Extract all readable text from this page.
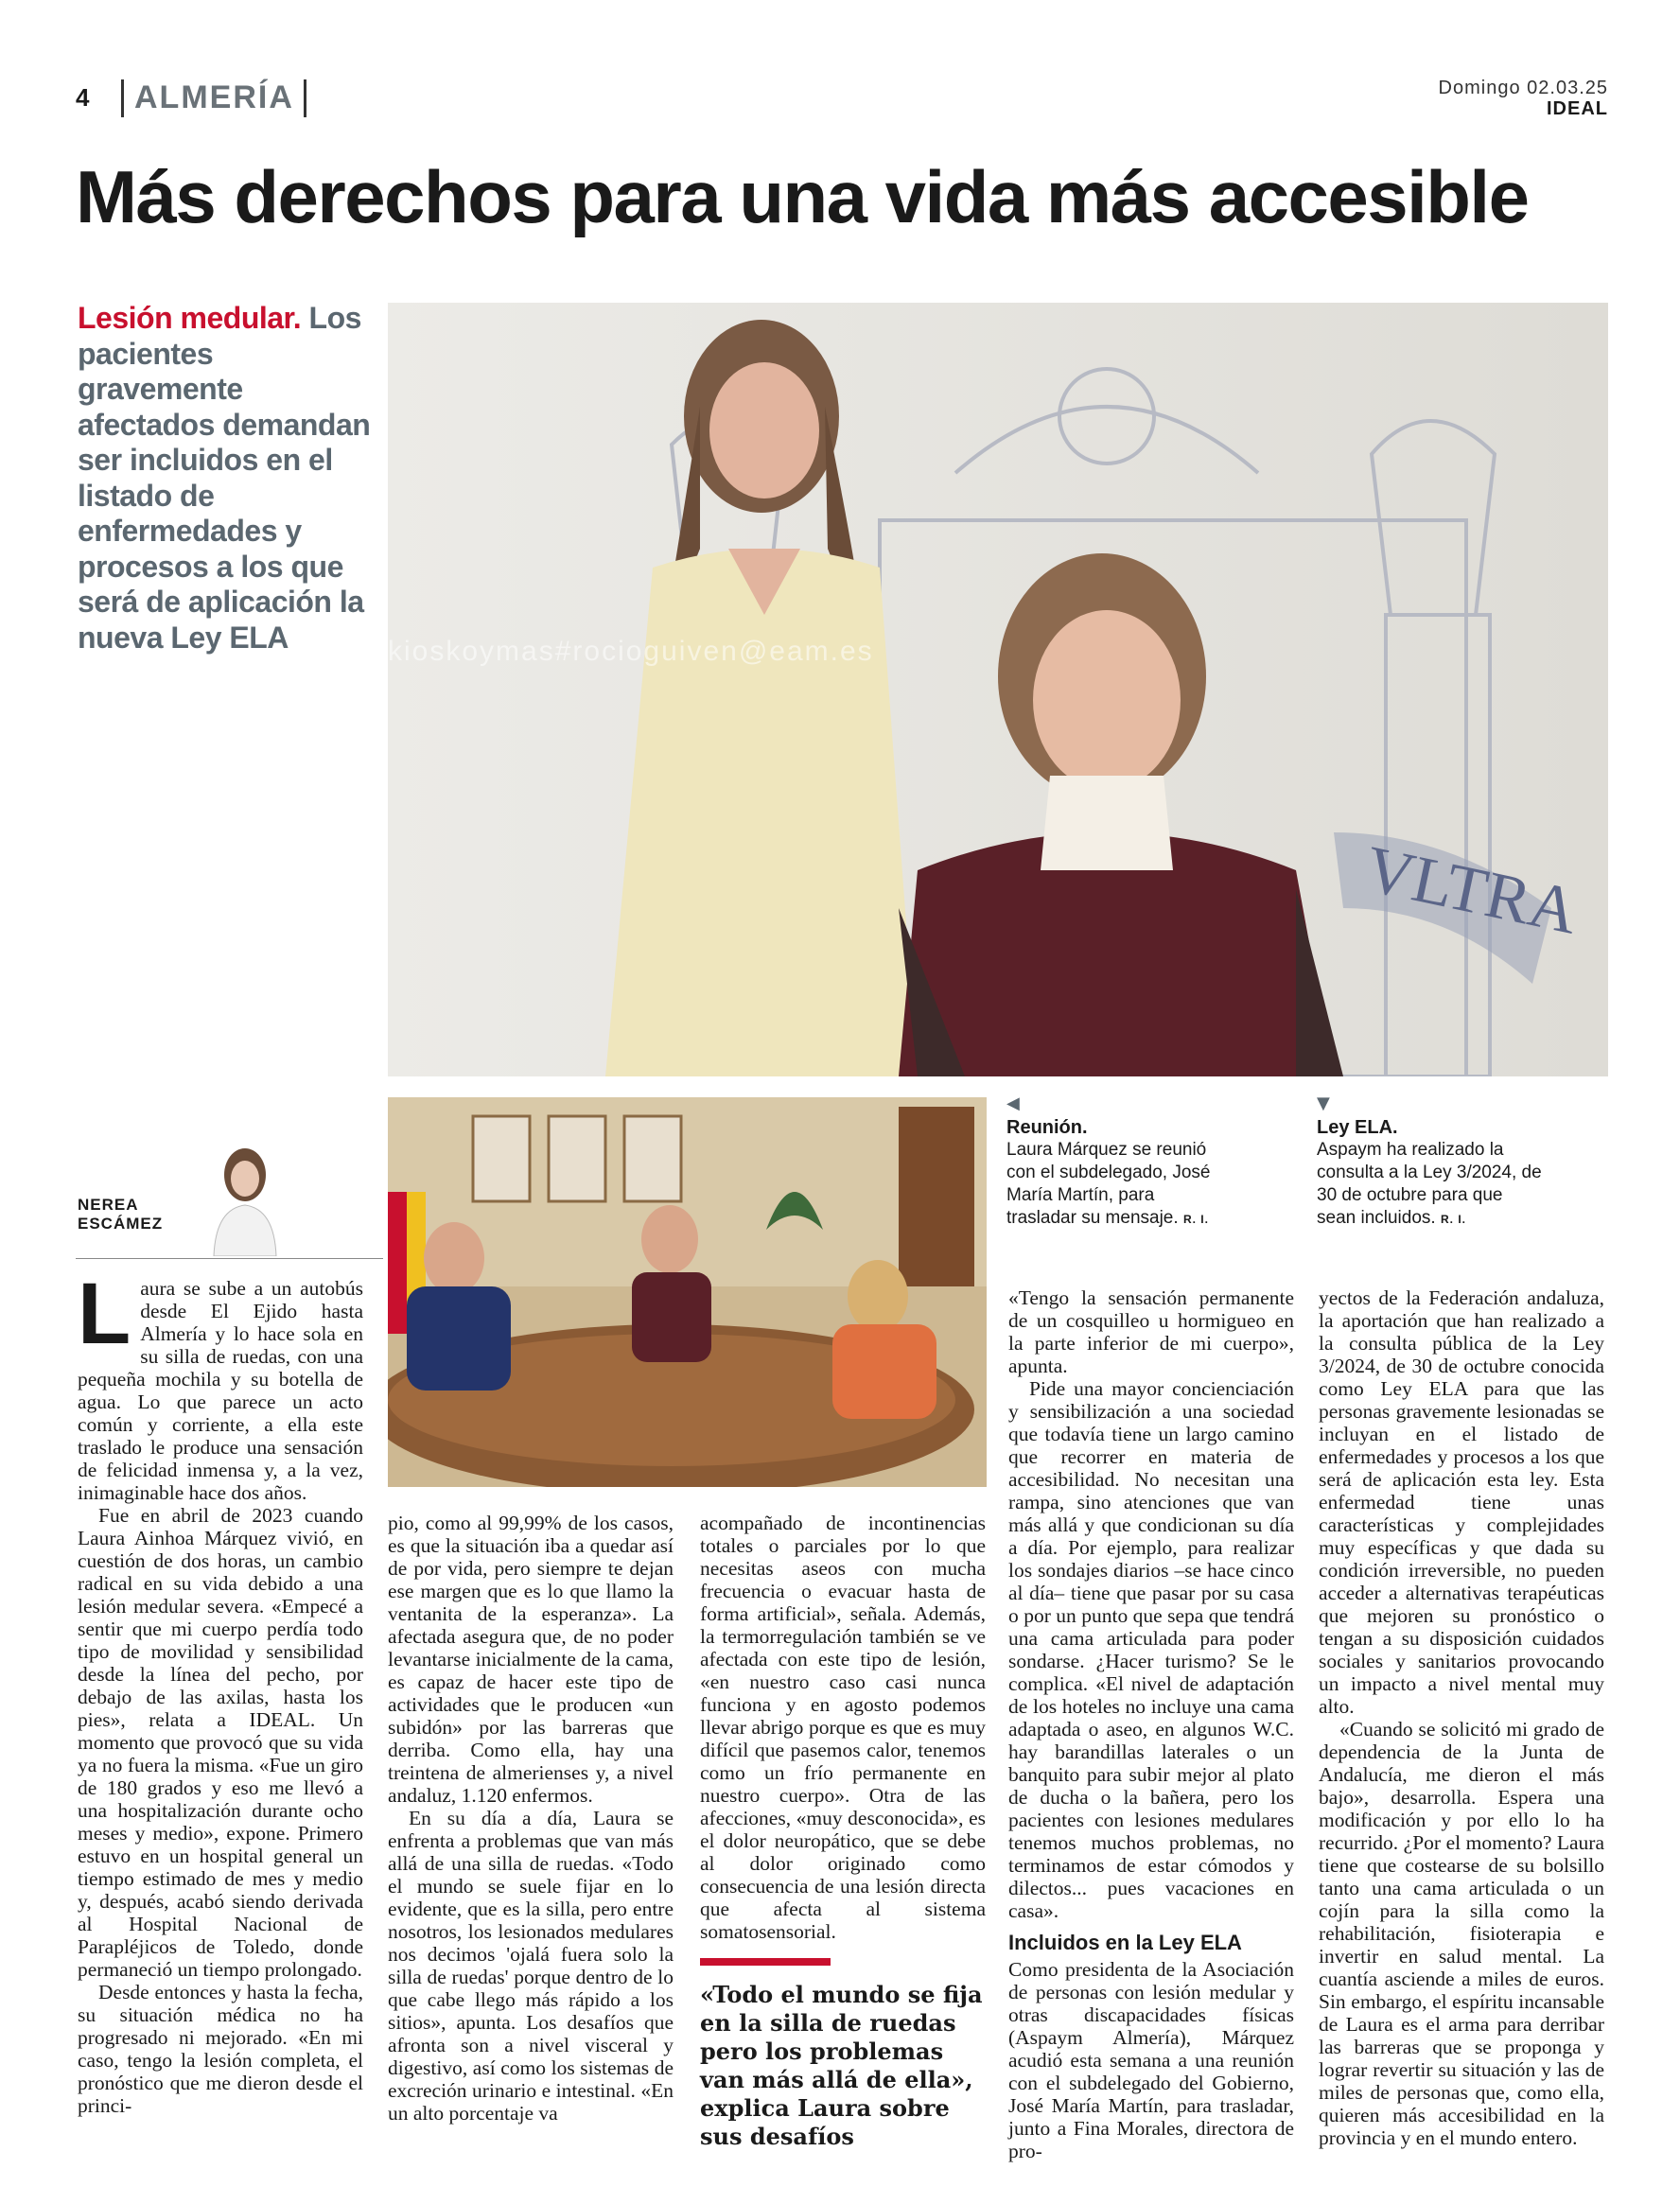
4 ALMERÍA	Domingo 02.03.25
IDEAL
Más derechos para una vida más accesible
Lesión medular. Los pacientes gravemente afectados demandan ser incluidos en el listado de enfermedades y procesos a los que será de aplicación la nueva Ley ELA
VLTRA
kioskoymas#rocioguiven@eam.es
◀
Reunión.
Laura Márquez se reunió con el subdelegado, José María Martín, para trasladar su mensaje. R. I.
▼
Ley ELA.
Aspaym ha realizado la consulta a la Ley 3/2024, de 30 de octubre para que sean incluidos. R. I.
NEREA
ESCÁMEZ

Laura se sube a un autobús desde El Ejido hasta Almería y lo hace sola en su silla de ruedas, con una pequeña mochila y su botella de agua. Lo que parece un acto común y corriente, a ella este traslado le produce una sensación de felicidad inmensa y, a la vez, inimaginable hace dos años.

Fue en abril de 2023 cuando Laura Ainhoa Márquez vivió, en cuestión de dos horas, un cambio radical en su vida debido a una lesión medular severa. «Empecé a sentir que mi cuerpo perdía todo tipo de movilidad y sensibilidad desde la línea del pecho, por debajo de las axilas, hasta los pies», relata a IDEAL. Un momento que provocó que su vida ya no fuera la misma. «Fue un giro de 180 grados y eso me llevó a una hospitalización durante ocho meses y medio», expone. Primero estuvo en un hospital general un tiempo estimado de mes y medio y, después, acabó siendo derivada al Hospital Nacional de Parapléjicos de Toledo, donde permaneció un tiempo prolongado.

Desde entonces y hasta la fecha, su situación médica no ha progresado ni mejorado. «En mi caso, tengo la lesión completa, el pronóstico que me dieron desde el princi-

pio, como al 99,99% de los casos, es que la situación iba a quedar así de por vida, pero siempre te dejan ese margen que es lo que llamo la ventanita de la esperanza». La afectada asegura que, de no poder levantarse inicialmente de la cama, es capaz de hacer este tipo de actividades que le producen «un subidón» por las barreras que derriba. Como ella, hay una treintena de almerienses y, a nivel andaluz, 1.120 enfermos.

En su día a día, Laura se enfrenta a problemas que van más allá de una silla de ruedas. «Todo el mundo se suele fijar en lo evidente, que es la silla, pero entre nosotros, los lesionados medulares nos decimos 'ojalá fuera solo la silla de ruedas' porque dentro de lo que cabe llego más rápido a los sitios», apunta. Los desafíos que afronta son a nivel visceral y digestivo, así como los sistemas de excreción urinario e intestinal. «En un alto porcentaje va

acompañado de incontinencias totales o parciales por lo que necesitas aseos con mucha frecuencia o evacuar hasta de forma artificial», señala. Además, la termorregulación también se ve afectada con este tipo de lesión, «en nuestro caso casi nunca funciona y en agosto podemos llevar abrigo porque es que es muy difícil que pasemos calor, tenemos como un frío permanente en nuestro cuerpo». Otra de las afecciones, «muy desconocida», es el dolor neuropático, que se debe al dolor originado como consecuencia de una lesión directa que afecta al sistema somatosensorial.

«Todo el mundo se fija en la silla de ruedas pero los problemas van más allá de ella», explica Laura sobre sus desafíos

«Tengo la sensación permanente de un cosquilleo u hormigueo en la parte inferior de mi cuerpo», apunta.

Pide una mayor concienciación y sensibilización a una sociedad que todavía tiene un largo camino que recorrer en materia de accesibilidad. No necesitan una rampa, sino atenciones que van más allá y que condicionan su día a día. Por ejemplo, para realizar los sondajes diarios –se hace cinco al día– tiene que pasar por su casa o por un punto que sepa que tendrá una cama articulada para poder sondarse. ¿Hacer turismo? Se le complica. «El nivel de adaptación de los hoteles no incluye una cama adaptada o aseo, en algunos W.C. hay barandillas laterales o un banquito para subir mejor al plato de ducha o la bañera, pero los pacientes con lesiones medulares tenemos muchos problemas, no terminamos de estar cómodos y dilectos... pues vacaciones en casa».

Incluidos en la Ley ELA

Como presidenta de la Asociación de personas con lesión medular y otras discapacidades físicas (Aspaym Almería), Márquez acudió esta semana a una reunión con el subdelegado del Gobierno, José María Martín, para trasladar, junto a Fina Morales, directora de pro-

yectos de la Federación andaluza, la aportación que han realizado a la consulta pública de la Ley 3/2024, de 30 de octubre conocida como Ley ELA para que las personas gravemente lesionadas se incluyan en el listado de enfermedades y procesos a los que será de aplicación esta ley. Esta enfermedad tiene unas características y complejidades muy específicas y que dada su condición irreversible, no pueden acceder a alternativas terapéuticas que mejoren su pronóstico o tengan a su disposición cuidados sociales y sanitarios provocando un impacto a nivel mental muy alto.

«Cuando se solicitó mi grado de dependencia de la Junta de Andalucía, me dieron el más bajo», desarrolla. Espera una modificación y por ello lo ha recurrido. ¿Por el momento? Laura tiene que costearse de su bolsillo tanto una cama articulada o un cojín para la silla como la rehabilitación, fisioterapia e invertir en salud mental. La cuantía asciende a miles de euros. Sin embargo, el espíritu incansable de Laura es el arma para derribar las barreras que se proponga y lograr revertir su situación y las de miles de personas que, como ella, quieren más accesibilidad en la provincia y en el mundo entero.
